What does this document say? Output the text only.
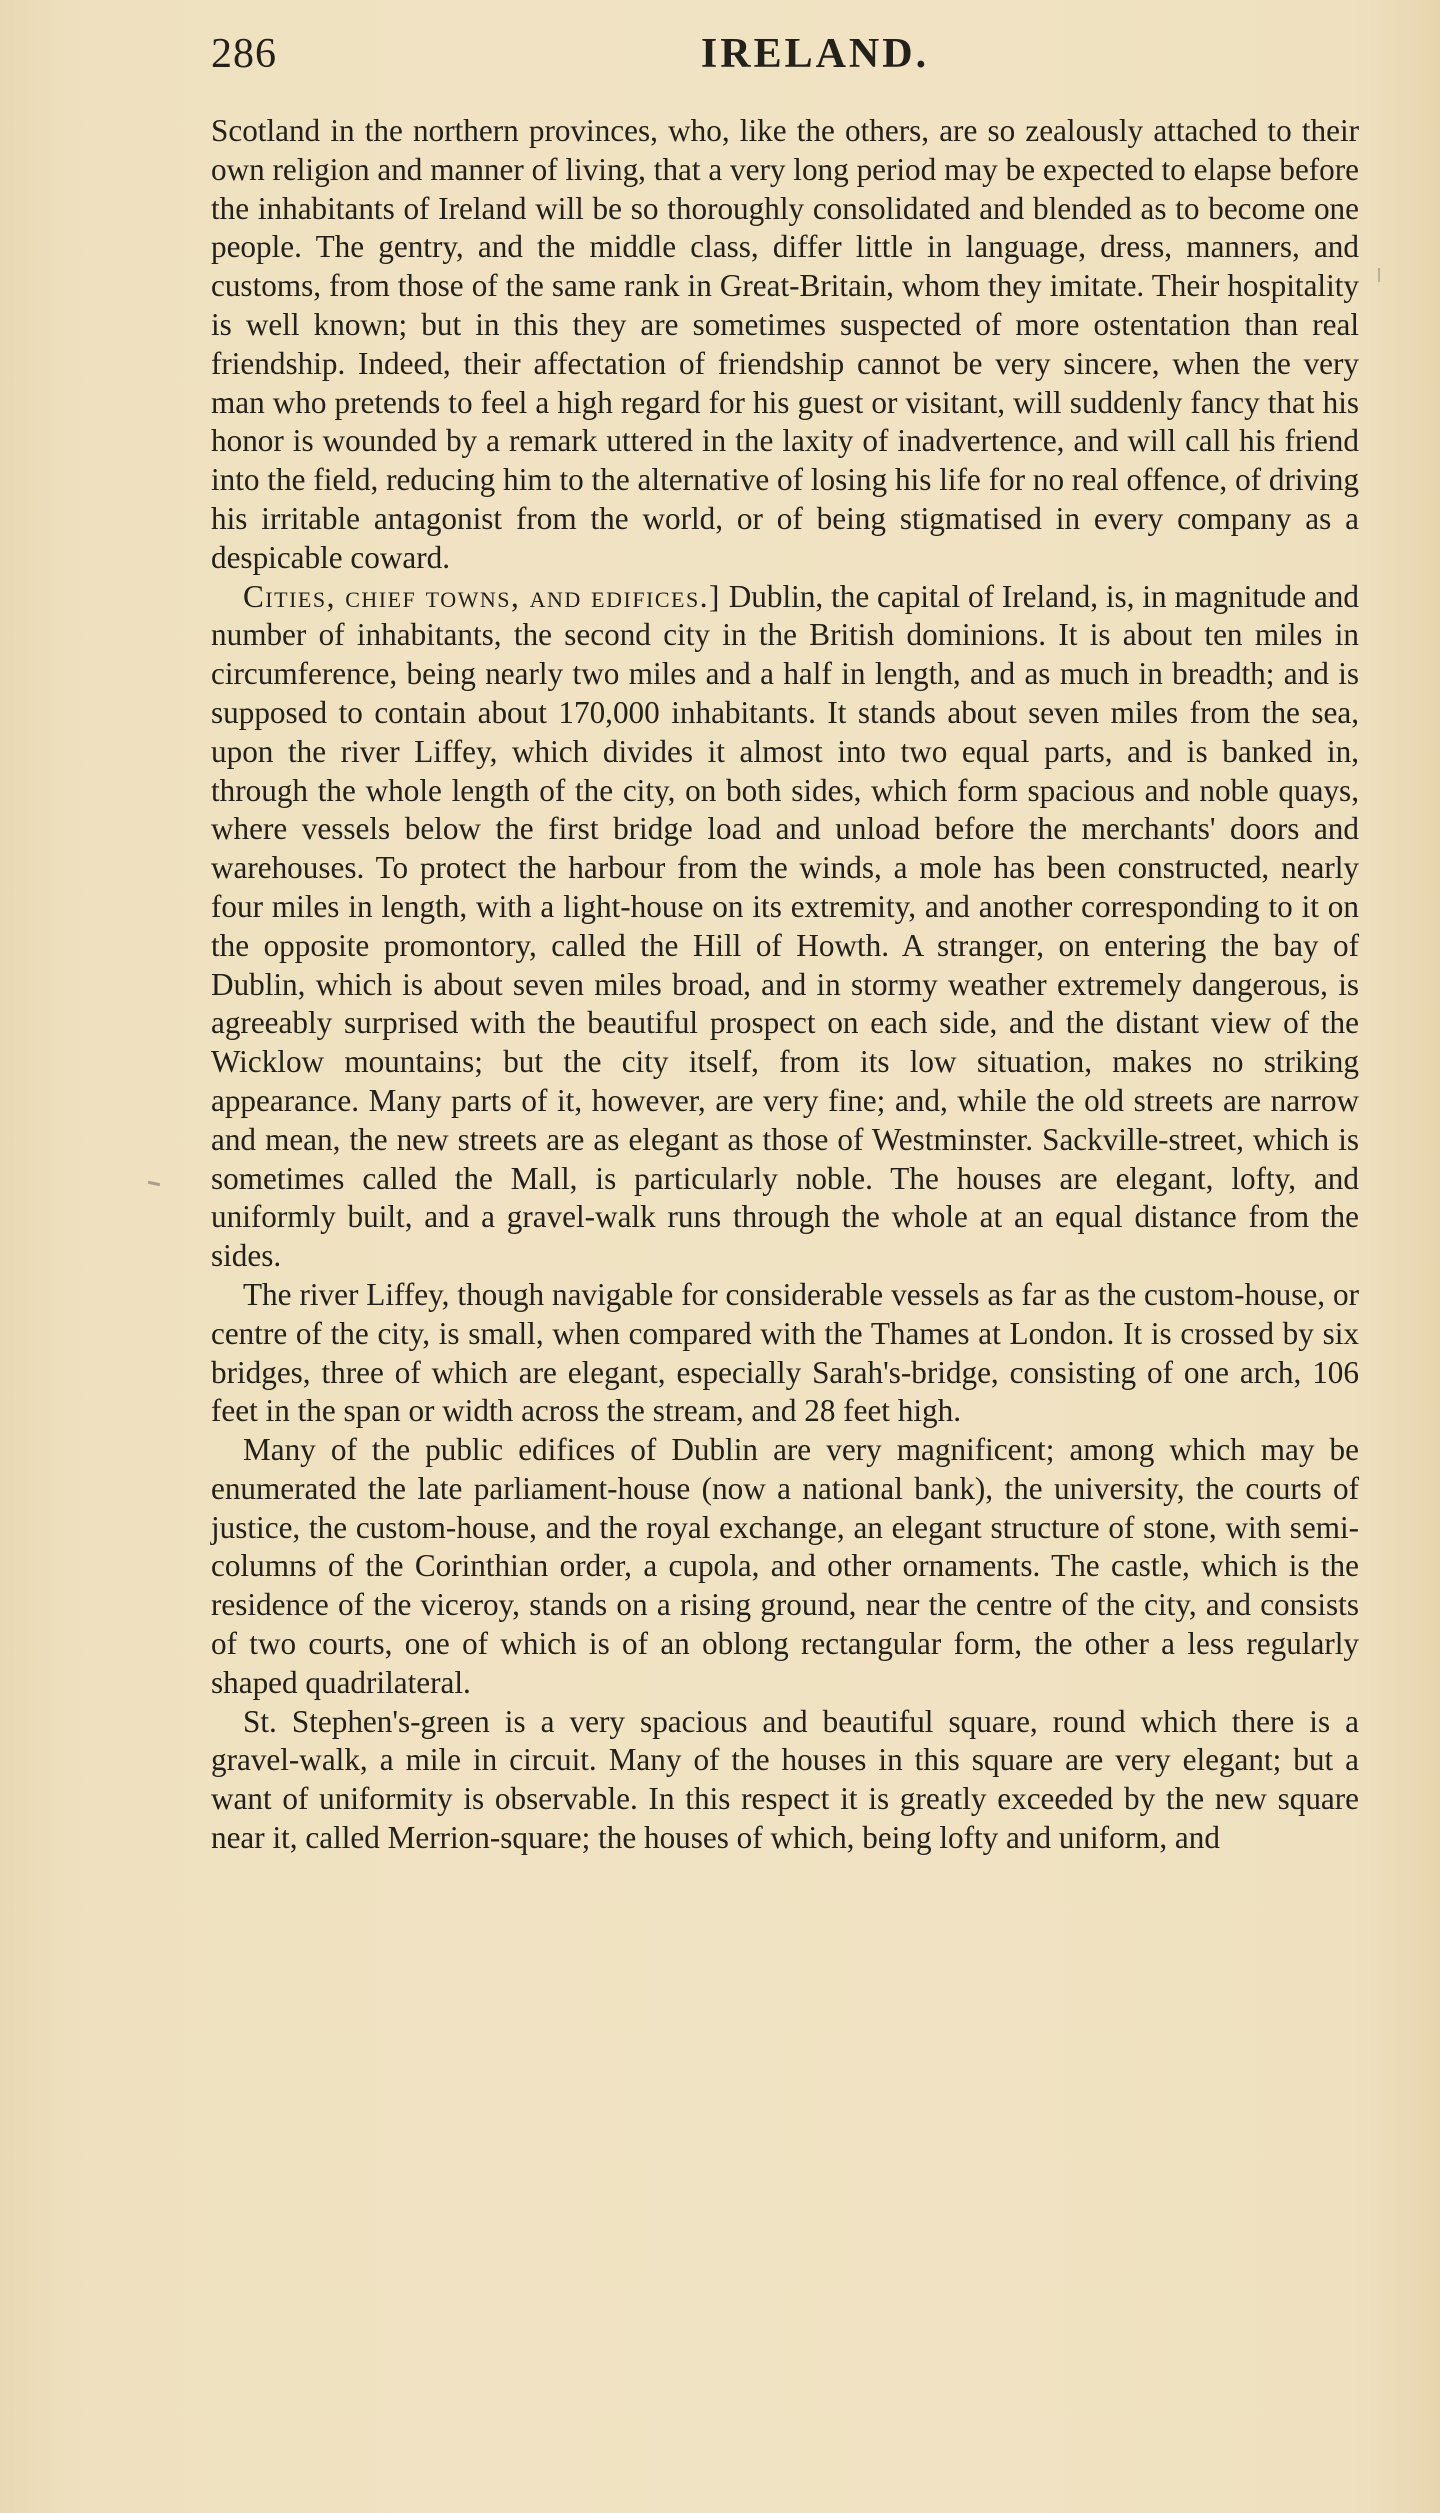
286	IRELAND.

Scotland in the northern provinces, who, like the others, are so zealously attached to their own religion and manner of living, that a very long period may be expected to elapse before the inhabitants of Ireland will be so thoroughly consolidated and blended as to become one people. The gentry, and the middle class, differ little in language, dress, manners, and customs, from those of the same rank in Great-Britain, whom they imitate. Their hospitality is well known; but in this they are sometimes suspected of more ostentation than real friendship. Indeed, their affectation of friendship cannot be very sincere, when the very man who pretends to feel a high regard for his guest or visitant, will suddenly fancy that his honor is wounded by a remark uttered in the laxity of inadvertence, and will call his friend into the field, reducing him to the alternative of losing his life for no real offence, of driving his irritable antagonist from the world, or of being stigmatised in every company as a despicable coward.

Cities, chief towns, and edifices.] Dublin, the capital of Ireland, is, in magnitude and number of inhabitants, the second city in the British dominions. It is about ten miles in circumference, being nearly two miles and a half in length, and as much in breadth; and is supposed to contain about 170,000 inhabitants. It stands about seven miles from the sea, upon the river Liffey, which divides it almost into two equal parts, and is banked in, through the whole length of the city, on both sides, which form spacious and noble quays, where vessels below the first bridge load and unload before the merchants' doors and warehouses. To protect the harbour from the winds, a mole has been constructed, nearly four miles in length, with a light-house on its extremity, and another corresponding to it on the opposite promontory, called the Hill of Howth. A stranger, on entering the bay of Dublin, which is about seven miles broad, and in stormy weather extremely dangerous, is agreeably surprised with the beautiful prospect on each side, and the distant view of the Wicklow mountains; but the city itself, from its low situation, makes no striking appearance. Many parts of it, however, are very fine; and, while the old streets are narrow and mean, the new streets are as elegant as those of Westminster. Sackville-street, which is sometimes called the Mall, is particularly noble. The houses are elegant, lofty, and uniformly built, and a gravel-walk runs through the whole at an equal distance from the sides.

The river Liffey, though navigable for considerable vessels as far as the custom-house, or centre of the city, is small, when compared with the Thames at London. It is crossed by six bridges, three of which are elegant, especially Sarah's-bridge, consisting of one arch, 106 feet in the span or width across the stream, and 28 feet high.

Many of the public edifices of Dublin are very magnificent; among which may be enumerated the late parliament-house (now a national bank), the university, the courts of justice, the custom-house, and the royal exchange, an elegant structure of stone, with semi-columns of the Corinthian order, a cupola, and other ornaments. The castle, which is the residence of the viceroy, stands on a rising ground, near the centre of the city, and consists of two courts, one of which is of an oblong rectangular form, the other a less regularly shaped quadrilateral.

St. Stephen's-green is a very spacious and beautiful square, round which there is a gravel-walk, a mile in circuit. Many of the houses in this square are very elegant; but a want of uniformity is observable. In this respect it is greatly exceeded by the new square near it, called Merrion-square; the houses of which, being lofty and uniform, and
